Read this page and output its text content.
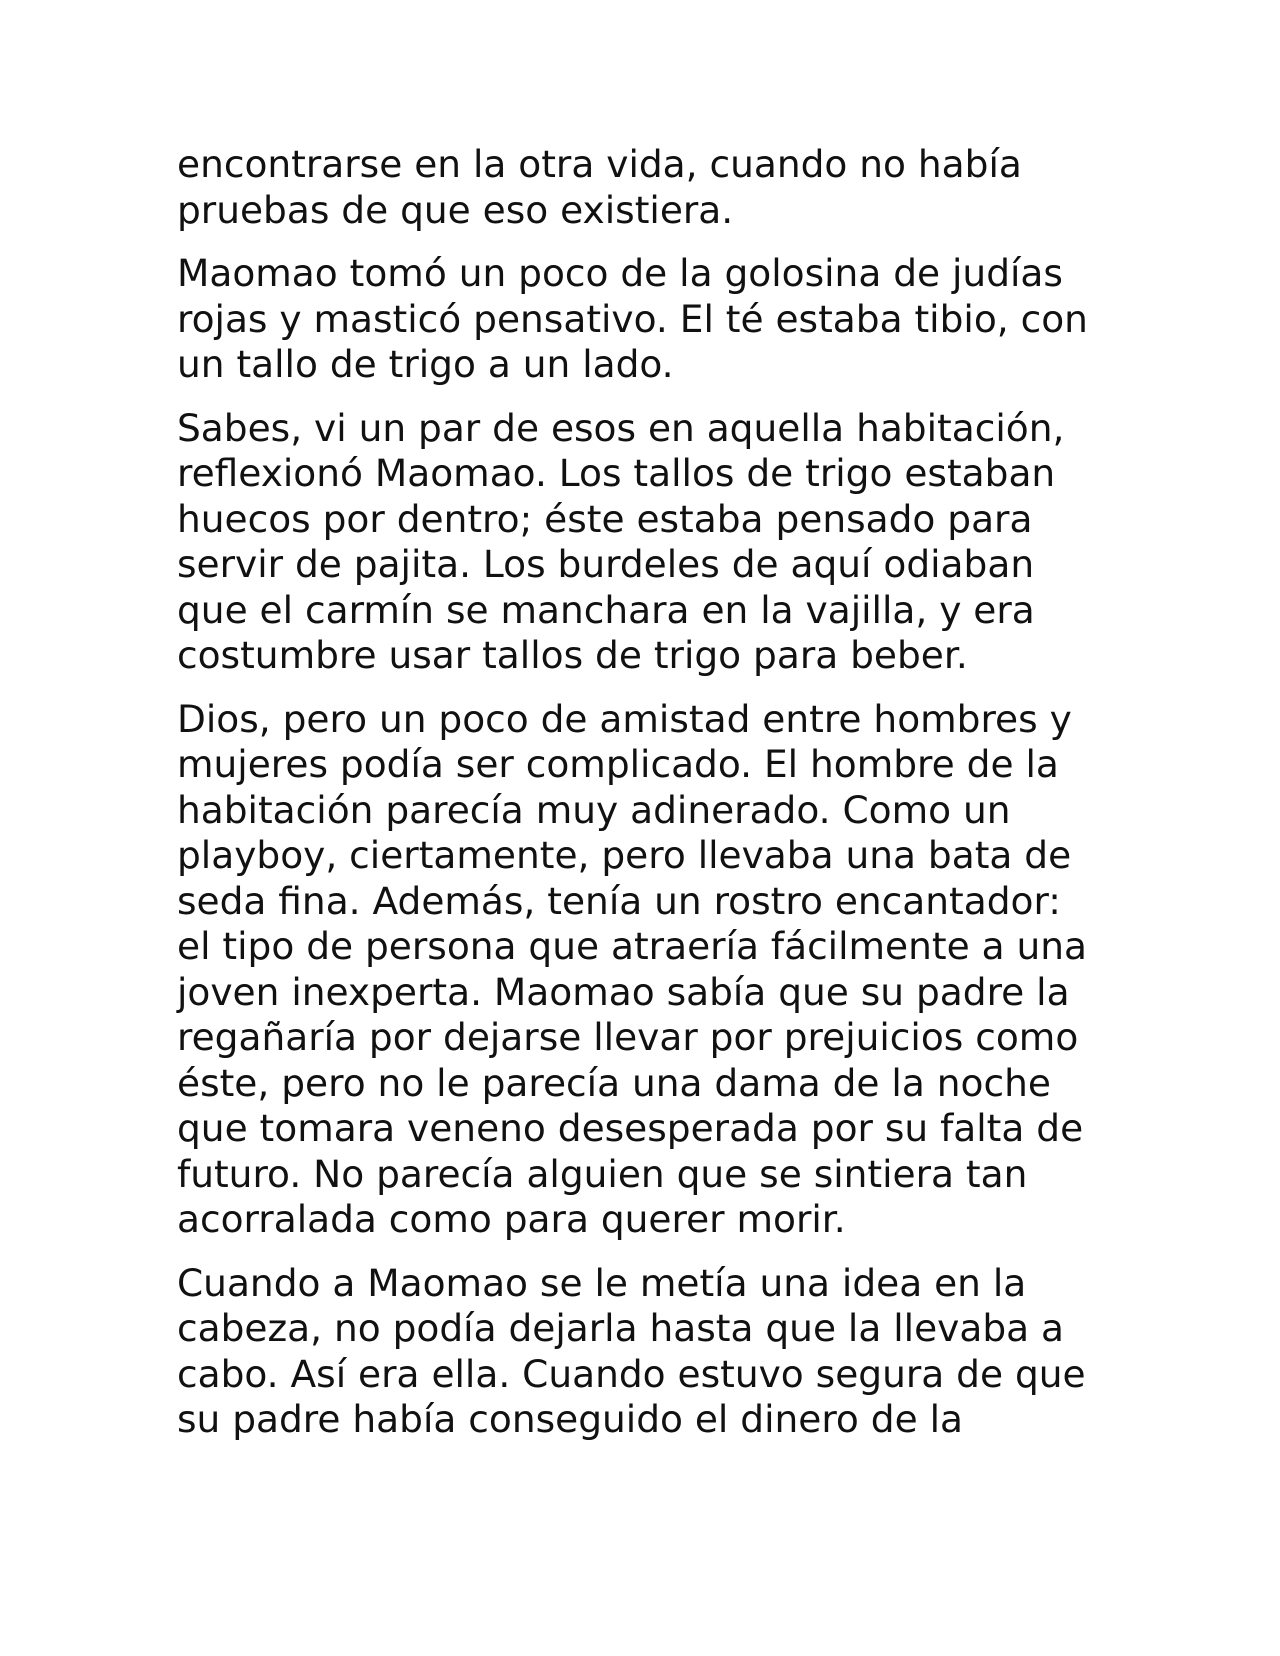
encontrarse en la otra vida, cuando no había
pruebas de que eso existiera.

Maomao tomó un poco de la golosina de judías
rojas y masticó pensativo. El té estaba tibio, con
un tallo de trigo a un lado.

Sabes, vi un par de esos en aquella habitación,
reflexionó Maomao. Los tallos de trigo estaban
huecos por dentro; éste estaba pensado para
servir de pajita. Los burdeles de aquí odiaban
que el carmín se manchara en la vajilla, y era
costumbre usar tallos de trigo para beber.

Dios, pero un poco de amistad entre hombres y
mujeres podía ser complicado. El hombre de la
habitación parecía muy adinerado. Como un
playboy, ciertamente, pero llevaba una bata de
seda fina. Además, tenía un rostro encantador:
el tipo de persona que atraería fácilmente a una
joven inexperta. Maomao sabía que su padre la
regañaría por dejarse llevar por prejuicios como
éste, pero no le parecía una dama de la noche
que tomara veneno desesperada por su falta de
futuro. No parecía alguien que se sintiera tan
acorralada como para querer morir.

Cuando a Maomao se le metía una idea en la
cabeza, no podía dejarla hasta que la llevaba a
cabo. Así era ella. Cuando estuvo segura de que
su padre había conseguido el dinero de la
